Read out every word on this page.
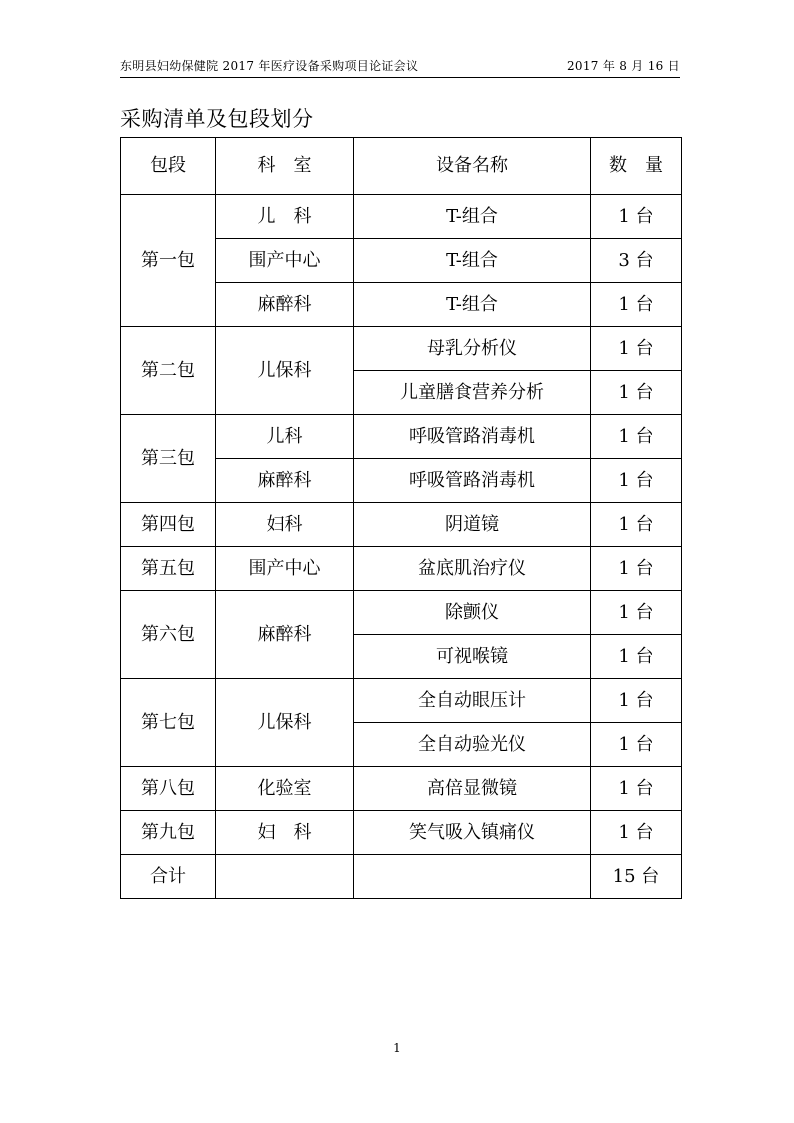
东明县妇幼保健院 2017 年医疗设备采购项目论证会议	2017 年 8 月 16 日
采购清单及包段划分
包段	科　室	设备名称	数　量
第一包	儿　科	T-组合	1 台
	围产中心	T-组合	3 台
	麻醉科	T-组合	1 台
第二包	儿保科	母乳分析仪	1 台
		儿童膳食营养分析	1 台
第三包	儿科	呼吸管路消毒机	1 台
	麻醉科	呼吸管路消毒机	1 台
第四包	妇科	阴道镜	1 台
第五包	围产中心	盆底肌治疗仪	1 台
第六包	麻醉科	除颤仪	1 台
		可视喉镜	1 台
第七包	儿保科	全自动眼压计	1 台
		全自动验光仪	1 台
第八包	化验室	高倍显微镜	1 台
第九包	妇　科	笑气吸入镇痛仪	1 台
合计			15 台
1
